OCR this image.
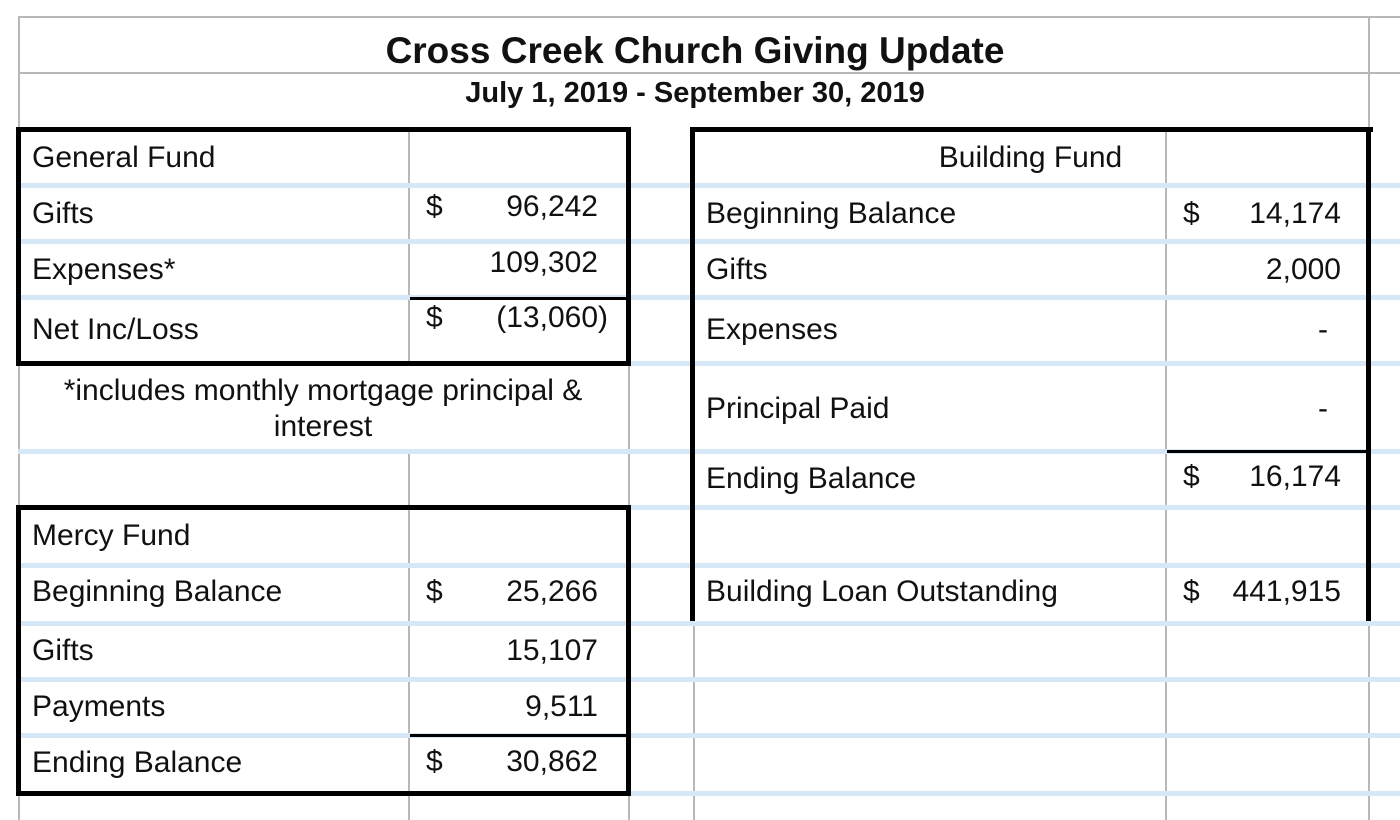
Cross Creek Church Giving Update
July 1, 2019 - September 30, 2019
General Fund
Gifts	$	96,242
Expenses*	109,302
Net Inc/Loss	$	(13,060)
*includes monthly mortgage principal &
interest
Mercy Fund
Beginning Balance	$	25,266
Gifts	15,107
Payments	9,511
Ending Balance	$	30,862
Building Fund
Beginning Balance	$	14,174
Gifts	2,000
Expenses	-
Principal Paid	-
Ending Balance	$	16,174
Building Loan Outstanding	$	441,915
